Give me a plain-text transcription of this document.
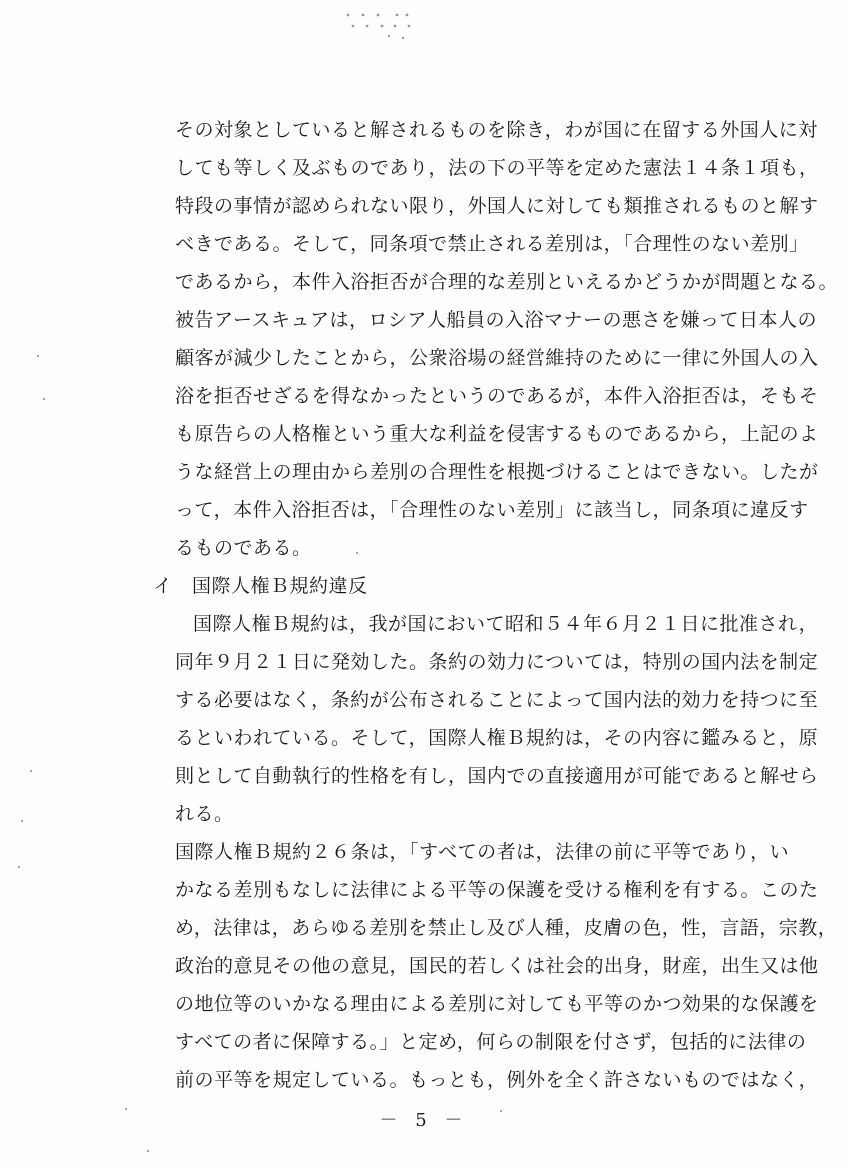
その対象としていると解されるものを除き，わが国に在留する外国人に対
しても等しく及ぶものであり，法の下の平等を定めた憲法１４条１項も，
特段の事情が認められない限り，外国人に対しても類推されるものと解す
べきである。そして，同条項で禁止される差別は，「合理性のない差別」
であるから，本件入浴拒否が合理的な差別といえるかどうかが問題となる。
被告アースキュアは，ロシア人船員の入浴マナーの悪さを嫌って日本人の
顧客が減少したことから，公衆浴場の経営維持のために一律に外国人の入
浴を拒否せざるを得なかったというのであるが，本件入浴拒否は，そもそ
も原告らの人格権という重大な利益を侵害するものであるから，上記のよ
うな経営上の理由から差別の合理性を根拠づけることはできない。したが
って，本件入浴拒否は，「合理性のない差別」に該当し，同条項に違反す
るものである。
イ　国際人権Ｂ規約違反
国際人権Ｂ規約は，我が国において昭和５４年６月２１日に批准され，
同年９月２１日に発効した。条約の効力については，特別の国内法を制定
する必要はなく，条約が公布されることによって国内法的効力を持つに至
るといわれている。そして，国際人権Ｂ規約は，その内容に鑑みると，原
則として自動執行的性格を有し，国内での直接適用が可能であると解せら
れる。
国際人権Ｂ規約２６条は，「すべての者は，法律の前に平等であり，い
かなる差別もなしに法律による平等の保護を受ける権利を有する。このた
め，法律は，あらゆる差別を禁止し及び人種，皮膚の色，性，言語，宗教，
政治的意見その他の意見，国民的若しくは社会的出身，財産，出生又は他
の地位等のいかなる理由による差別に対しても平等のかつ効果的な保護を
すべての者に保障する。」と定め，何らの制限を付さず，包括的に法律の
前の平等を規定している。もっとも，例外を全く許さないものではなく，
－ 5 －
